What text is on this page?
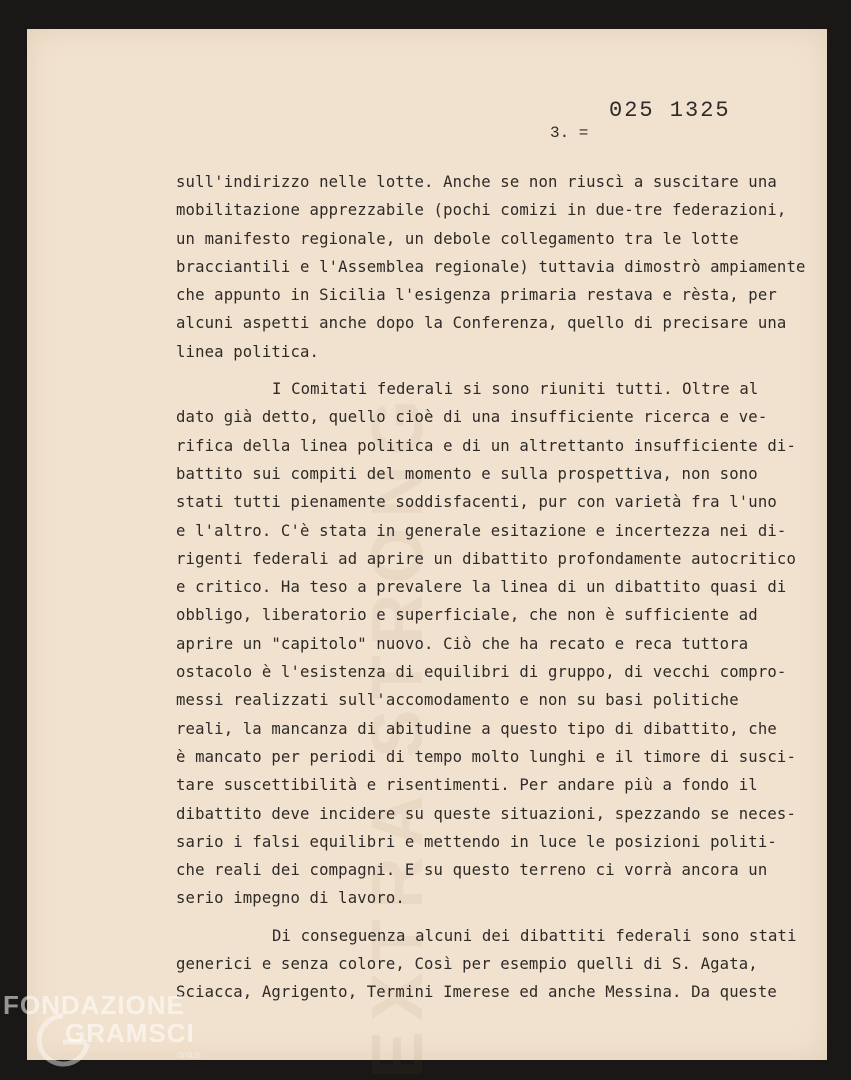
EXTRA STRONG
025 1325
3. =

sull'indirizzo nelle lotte. Anche se non riuscì a suscitare una
mobilitazione apprezzabile (pochi comizi in due-tre federazioni,
un manifesto regionale, un debole collegamento tra le lotte
bracciantili e l'Assemblea regionale) tuttavia dimostrò ampiamente
che appunto in Sicilia l'esigenza primaria restava e rèsta, per
alcuni aspetti anche dopo la Conferenza, quello di precisare una
linea politica.

I Comitati federali si sono riuniti tutti. Oltre al
dato già detto, quello cioè di una insufficiente ricerca e ve-
rifica della linea politica e di un altrettanto insufficiente di-
battito sui compiti del momento e sulla prospettiva, non sono
stati tutti pienamente soddisfacenti, pur con varietà fra l'uno
e l'altro. C'è stata in generale esitazione e incertezza nei di-
rigenti federali ad aprire un dibattito profondamente autocritico
e critico. Ha teso a prevalere la linea di un dibattito quasi di
obbligo, liberatorio e superficiale, che non è sufficiente ad
aprire un "capitolo" nuovo. Ciò che ha recato e reca tuttora
ostacolo è l'esistenza di equilibri di gruppo, di vecchi compro-
messi realizzati sull'accomodamento e non su basi politiche
reali, la mancanza di abitudine a questo tipo di dibattito, che
è mancato per periodi di tempo molto lunghi e il timore di susci-
tare suscettibilità e risentimenti. Per andare più a fondo il
dibattito deve incidere su queste situazioni, spezzando se neces-
sario i falsi equilibri e mettendo in luce le posizioni politi-
che reali dei compagni. E su questo terreno ci vorrà ancora un
serio impegno di lavoro.

Di conseguenza alcuni dei dibattiti federali sono stati
generici e senza colore, Così per esempio quelli di S. Agata,
Sciacca, Agrigento, Termini Imerese ed anche Messina. Da queste

FONDAZIONE
GRAMSCI
onlus
